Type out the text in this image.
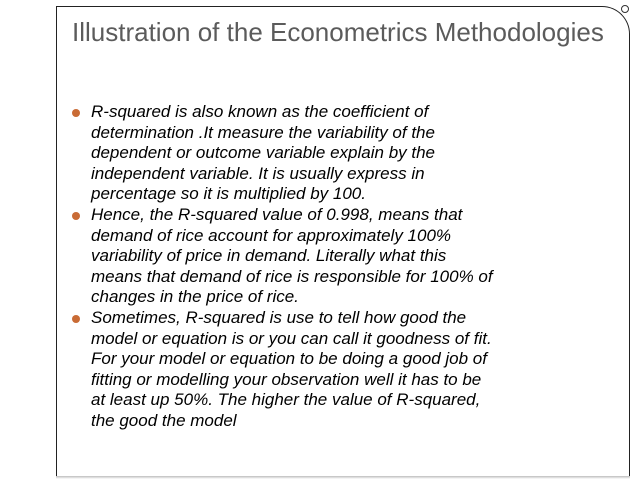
Illustration of the Econometrics Methodologies
R-squared is also known as the coefficient of
determination .It measure the variability of the
dependent or outcome variable explain by the
independent variable. It is usually express in
percentage so it is multiplied by 100.
Hence, the R-squared value of 0.998, means that
demand of rice account for approximately 100%
variability of price in demand. Literally what this
means that demand of rice is responsible for 100% of
changes in the price of rice.
Sometimes, R-squared is use to tell how good the
model or equation is or you can call it goodness of fit.
For your model or equation to be doing a good job of
fitting or modelling your observation well it has to be
at least up 50%. The higher the value of R-squared,
the good the model
